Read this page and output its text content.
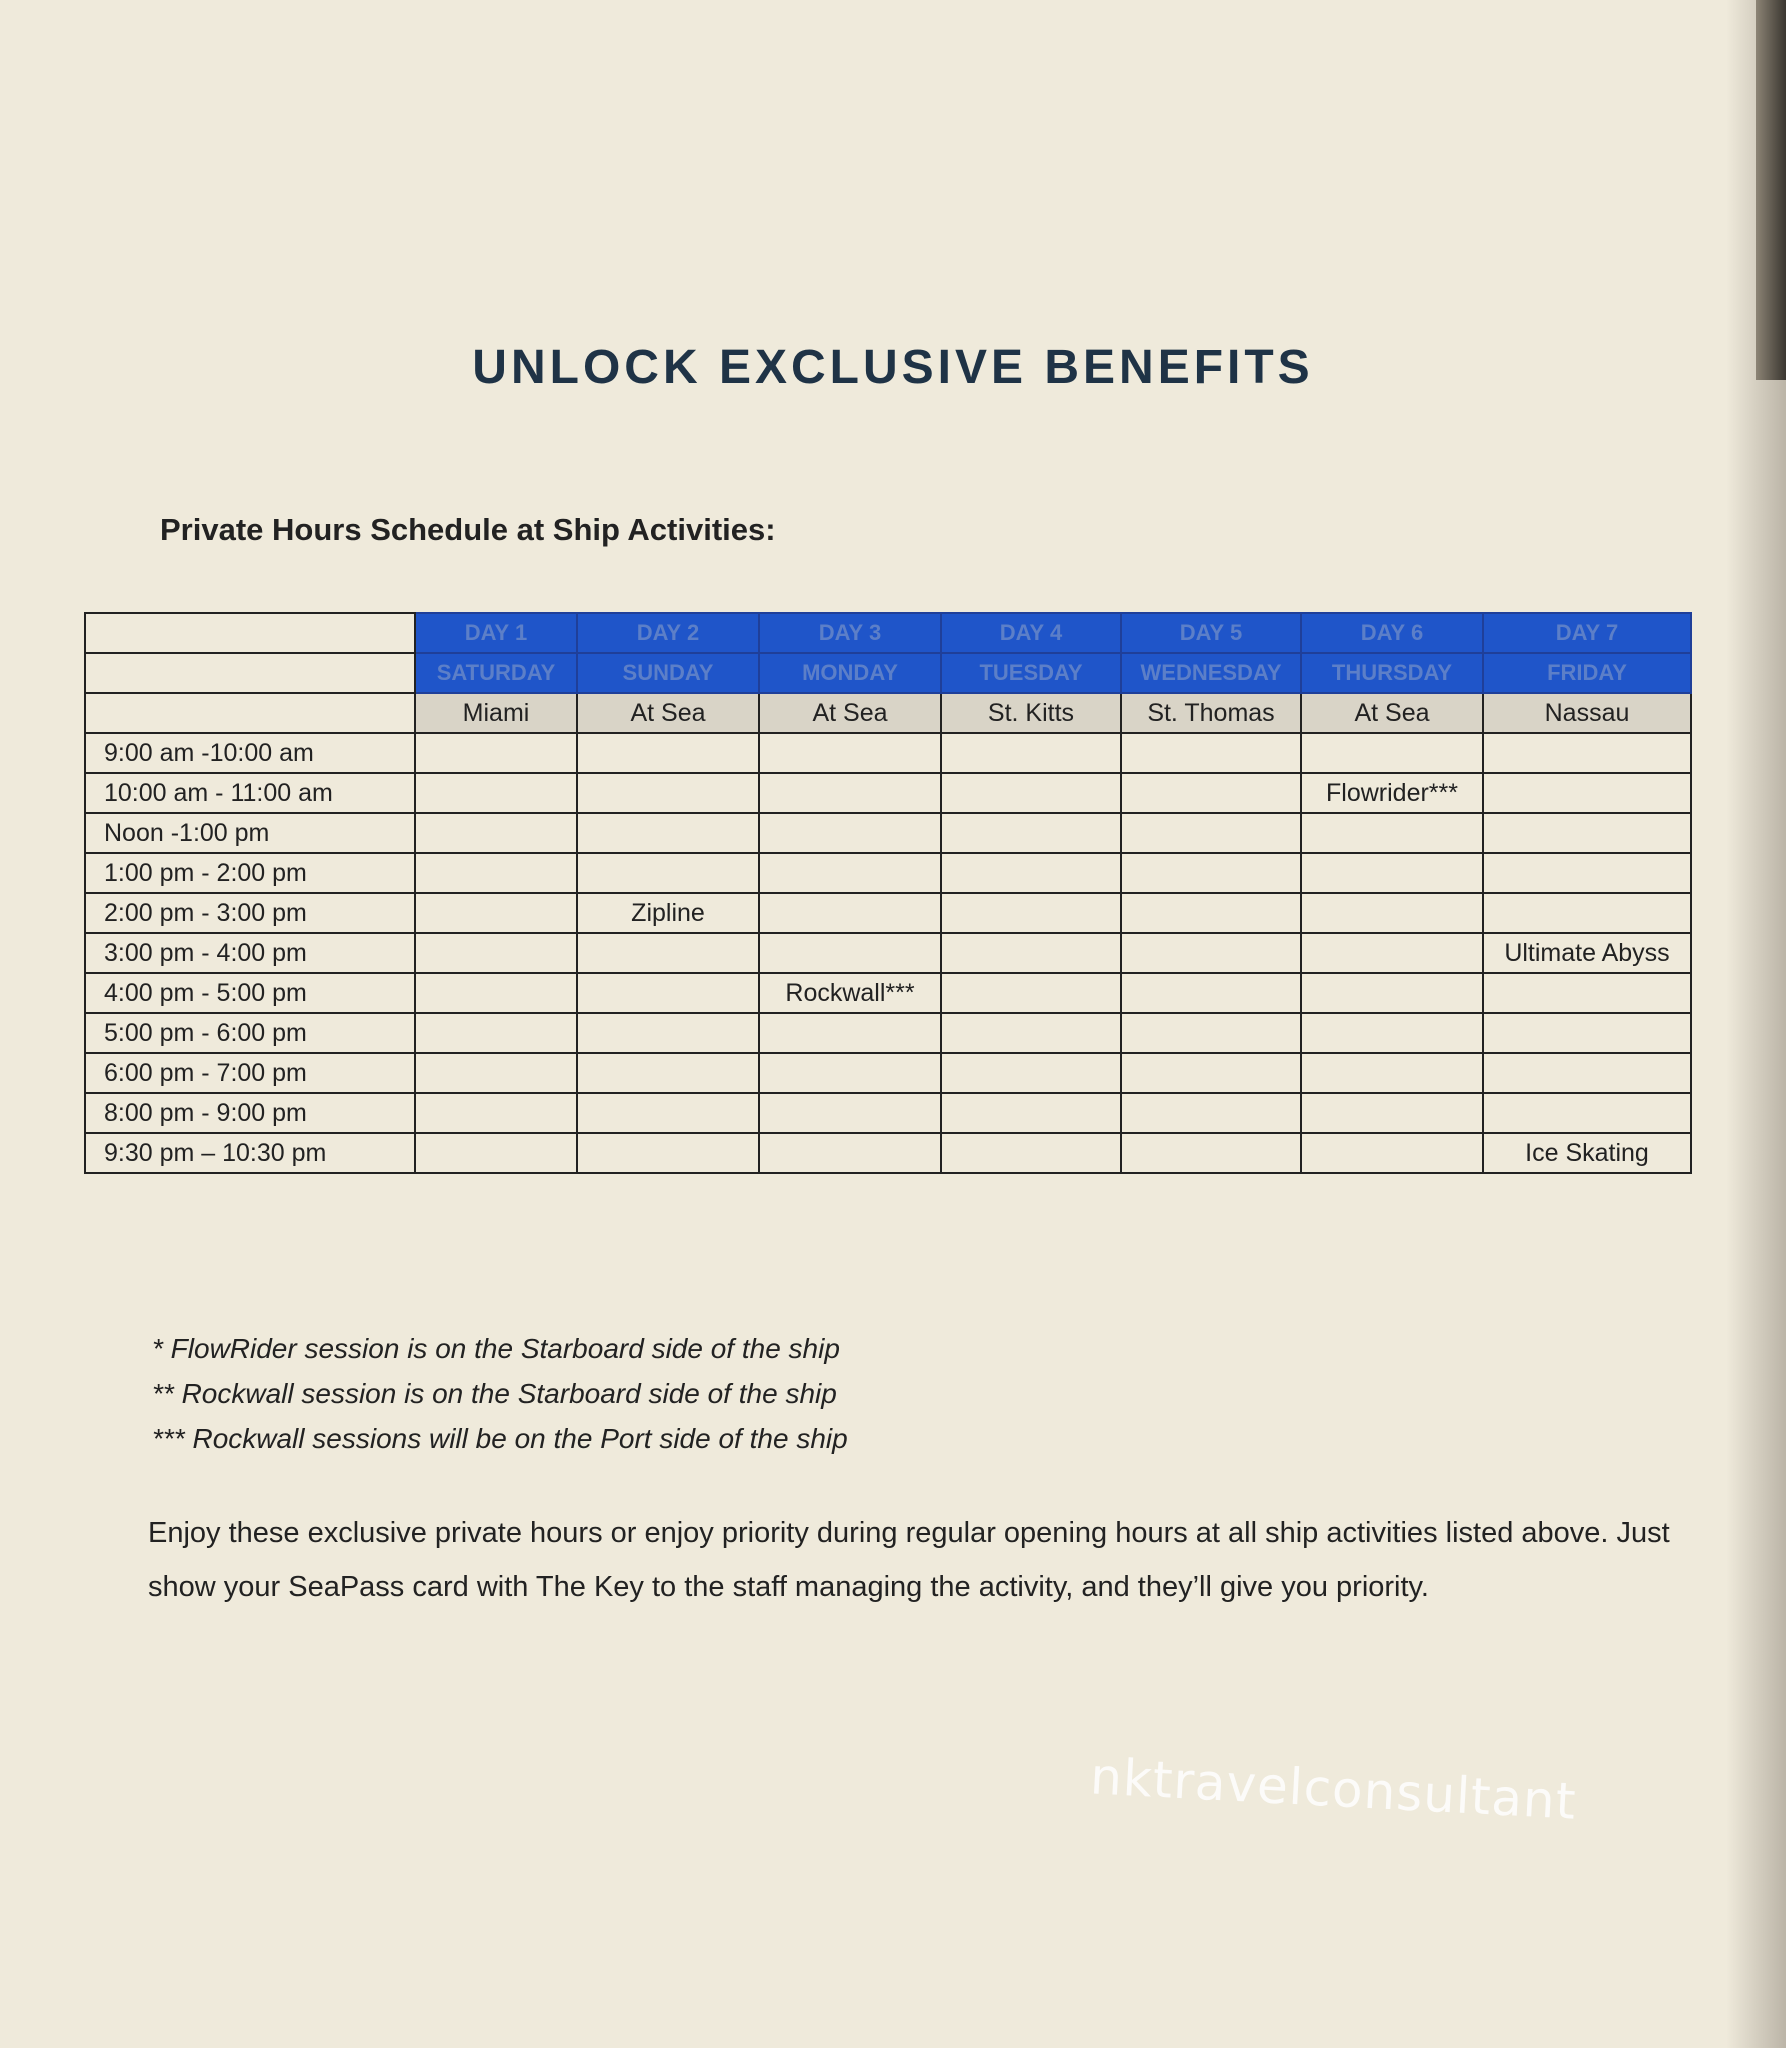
UNLOCK EXCLUSIVE BENEFITS
Private Hours Schedule at Ship Activities:
	DAY 1	DAY 2	DAY 3	DAY 4	DAY 5	DAY 6	DAY 7
	SATURDAY	SUNDAY	MONDAY	TUESDAY	WEDNESDAY	THURSDAY	FRIDAY
	Miami	At Sea	At Sea	St. Kitts	St. Thomas	At Sea	Nassau
9:00 am -10:00 am							
10:00 am - 11:00 am						Flowrider***	
Noon -1:00 pm							
1:00 pm - 2:00 pm							
2:00 pm - 3:00 pm		Zipline					
3:00 pm - 4:00 pm							Ultimate Abyss
4:00 pm - 5:00 pm			Rockwall***				
5:00 pm - 6:00 pm							
6:00 pm - 7:00 pm							
8:00 pm - 9:00 pm							
9:30 pm – 10:30 pm							Ice Skating
* FlowRider session is on the Starboard side of the ship
** Rockwall session is on the Starboard side of the ship
*** Rockwall sessions will be on the Port side of the ship
Enjoy these exclusive private hours or enjoy priority during regular opening hours at all ship activities listed above. Just show your SeaPass card with The Key to the staff managing the activity, and they’ll give you priority.
nktravelconsultant
